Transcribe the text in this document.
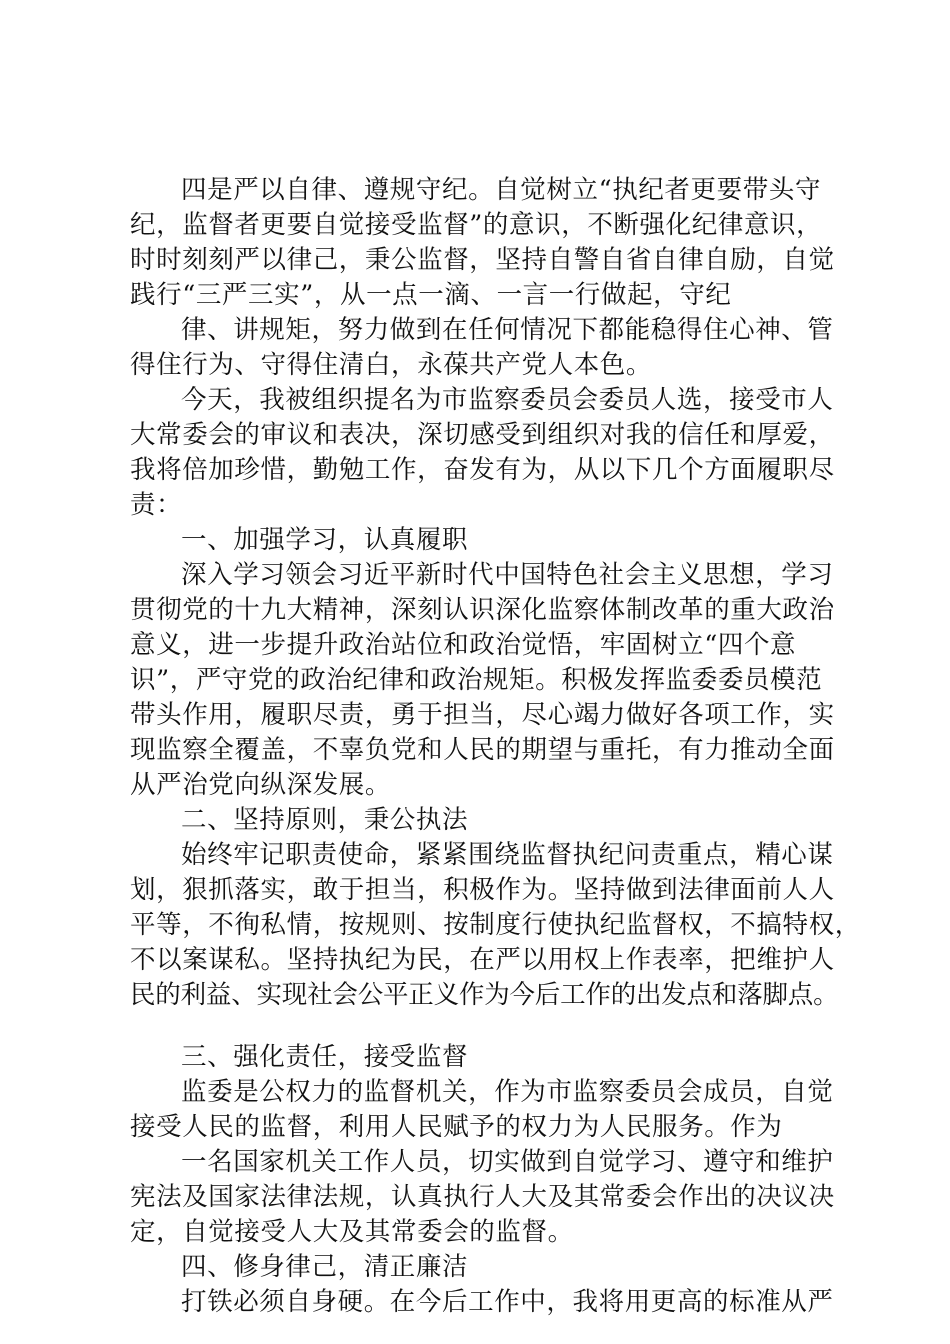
四是严以自律、遵规守纪。自觉树立“执纪者更要带头守
纪，监督者更要自觉接受监督”的意识，不断强化纪律意识，
时时刻刻严以律己，秉公监督，坚持自警自省自律自励，自觉
践行“三严三实”，从一点一滴、一言一行做起，守纪
律、讲规矩，努力做到在任何情况下都能稳得住心神、管
得住行为、守得住清白，永葆共产党人本色。
今天，我被组织提名为市监察委员会委员人选，接受市人
大常委会的审议和表决，深切感受到组织对我的信任和厚爱，
我将倍加珍惜，勤勉工作，奋发有为，从以下几个方面履职尽
责：
一、加强学习，认真履职
深入学习领会习近平新时代中国特色社会主义思想，学习
贯彻党的十九大精神，深刻认识深化监察体制改革的重大政治
意义，进一步提升政治站位和政治觉悟，牢固树立“四个意
识”，严守党的政治纪律和政治规矩。积极发挥监委委员模范
带头作用，履职尽责，勇于担当，尽心竭力做好各项工作，实
现监察全覆盖，不辜负党和人民的期望与重托，有力推动全面
从严治党向纵深发展。
二、坚持原则，秉公执法
始终牢记职责使命，紧紧围绕监督执纪问责重点，精心谋
划，狠抓落实，敢于担当，积极作为。坚持做到法律面前人人
平等，不徇私情，按规则、按制度行使执纪监督权，不搞特权，
不以案谋私。坚持执纪为民，在严以用权上作表率，把维护人
民的利益、实现社会公平正义作为今后工作的出发点和落脚点。
三、强化责任，接受监督
监委是公权力的监督机关，作为市监察委员会成员，自觉
接受人民的监督，利用人民赋予的权力为人民服务。作为
一名国家机关工作人员，切实做到自觉学习、遵守和维护
宪法及国家法律法规，认真执行人大及其常委会作出的决议决
定，自觉接受人大及其常委会的监督。
四、修身律己，清正廉洁
打铁必须自身硬。在今后工作中，我将用更高的标准从严
